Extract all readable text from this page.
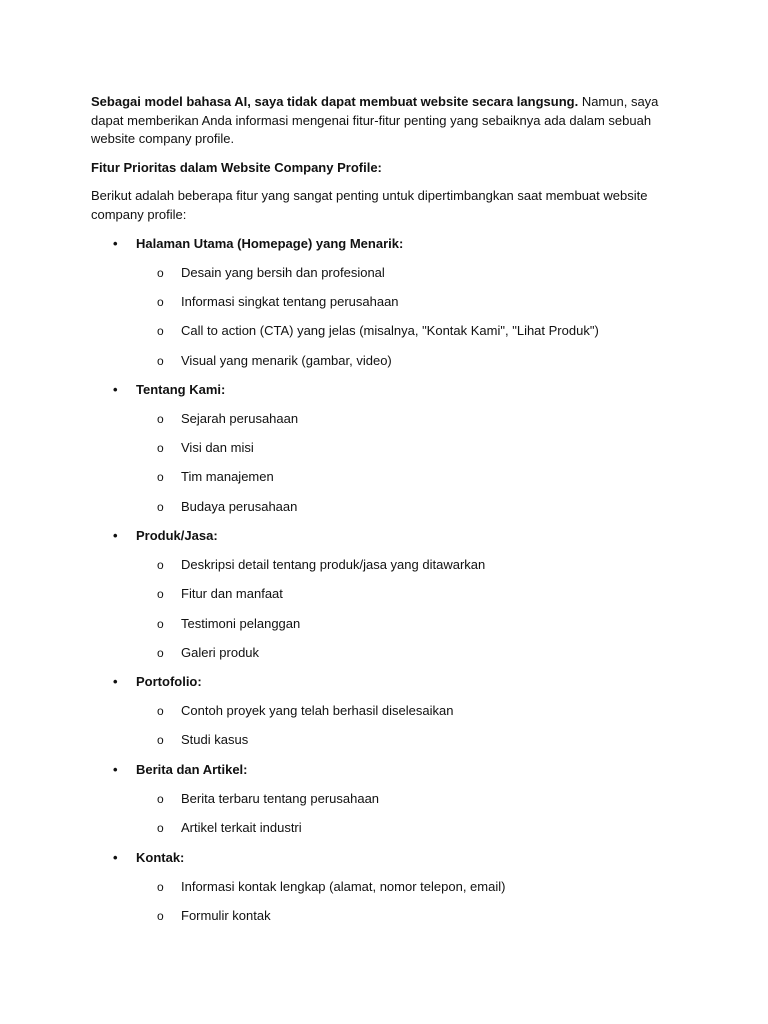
Sebagai model bahasa AI, saya tidak dapat membuat website secara langsung. Namun, saya dapat memberikan Anda informasi mengenai fitur-fitur penting yang sebaiknya ada dalam sebuah website company profile.

Fitur Prioritas dalam Website Company Profile:

Berikut adalah beberapa fitur yang sangat penting untuk dipertimbangkan saat membuat website company profile:

• Halaman Utama (Homepage) yang Menarik:
o Desain yang bersih dan profesional
o Informasi singkat tentang perusahaan
o Call to action (CTA) yang jelas (misalnya, "Kontak Kami", "Lihat Produk")
o Visual yang menarik (gambar, video)
• Tentang Kami:
o Sejarah perusahaan
o Visi dan misi
o Tim manajemen
o Budaya perusahaan
• Produk/Jasa:
o Deskripsi detail tentang produk/jasa yang ditawarkan
o Fitur dan manfaat
o Testimoni pelanggan
o Galeri produk
• Portofolio:
o Contoh proyek yang telah berhasil diselesaikan
o Studi kasus
• Berita dan Artikel:
o Berita terbaru tentang perusahaan
o Artikel terkait industri
• Kontak:
o Informasi kontak lengkap (alamat, nomor telepon, email)
o Formulir kontak
